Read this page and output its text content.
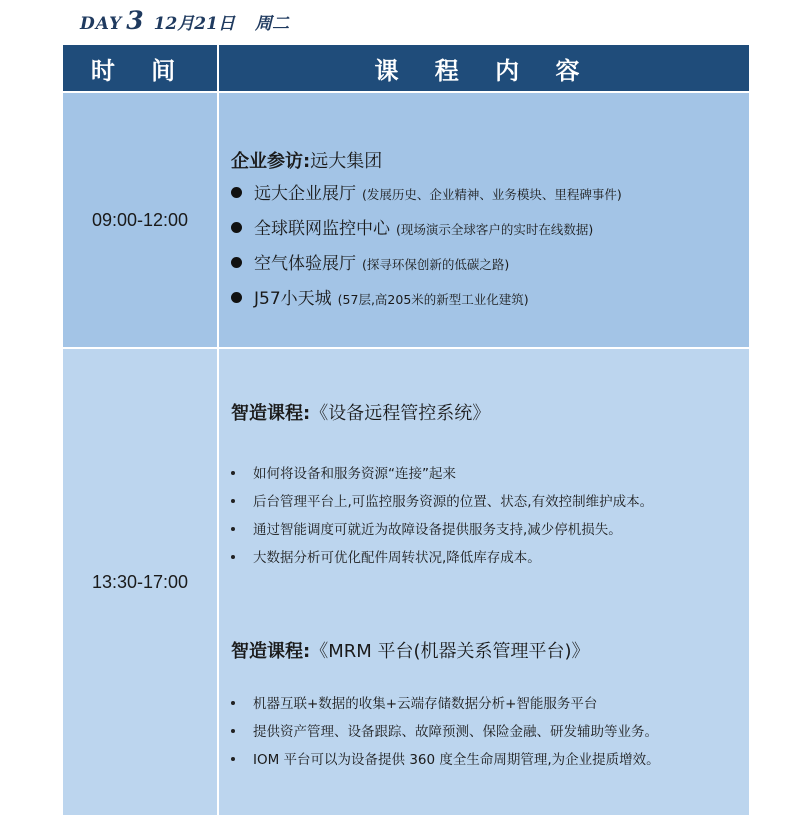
DAY 3 12月21日 周二
时 间	课 程 内 容
09:00-12:00
企业参访:远大集团
远大企业展厅 (发展历史、企业精神、业务模块、里程碑事件)
全球联网监控中心 (现场演示全球客户的实时在线数据)
空气体验展厅 (探寻环保创新的低碳之路)
J57小天城 (57层,高205米的新型工业化建筑)
13:30-17:00
智造课程:《设备远程管控系统》
如何将设备和服务资源“连接”起来
后台管理平台上,可监控服务资源的位置、状态,有效控制维护成本。
通过智能调度可就近为故障设备提供服务支持,减少停机损失。
大数据分析可优化配件周转状况,降低库存成本。
智造课程:《MRM 平台(机器关系管理平台)》
机器互联+数据的收集+云端存储数据分析+智能服务平台
提供资产管理、设备跟踪、故障预测、保险金融、研发辅助等业务。
IOM 平台可以为设备提供 360 度全生命周期管理,为企业提质增效。
